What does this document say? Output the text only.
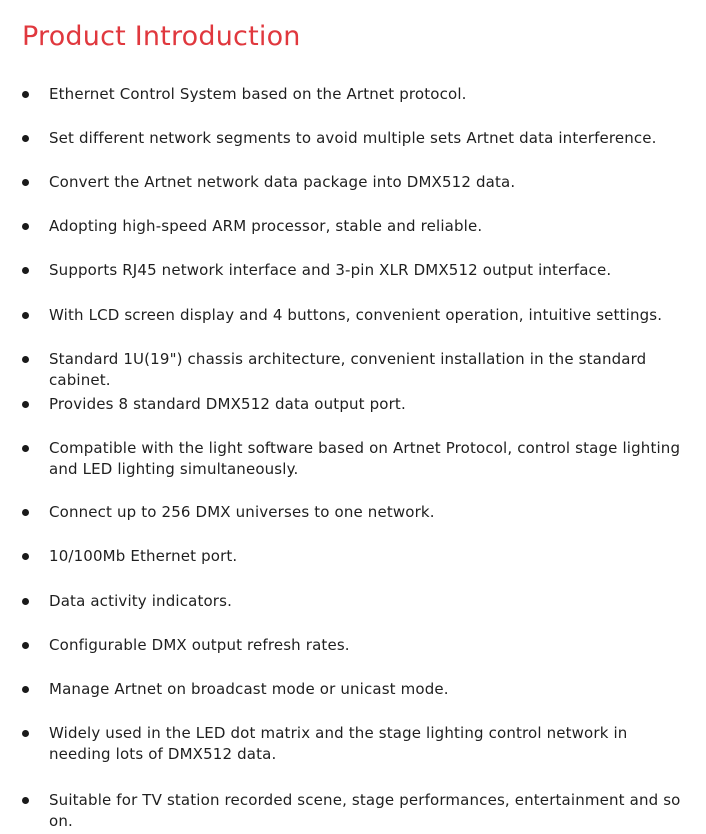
Product Introduction
Ethernet Control System based on the Artnet protocol.
Set different network segments to avoid multiple sets Artnet data interference.
Convert the Artnet network data package into DMX512 data.
Adopting high-speed ARM processor, stable and reliable.
Supports RJ45 network interface and 3-pin XLR DMX512 output interface.
With LCD screen display and 4 buttons, convenient operation, intuitive settings.
Standard 1U(19") chassis architecture, convenient installation in the standard cabinet.
Provides 8 standard DMX512 data output port.
Compatible with the light software based on Artnet Protocol, control stage lighting and LED lighting simultaneously.
Connect up to 256 DMX universes to one network.
10/100Mb Ethernet port.
Data activity indicators.
Configurable DMX output refresh rates.
Manage Artnet on broadcast mode or unicast mode.
Widely used in the LED dot matrix and the stage lighting control network in needing lots of DMX512 data.
Suitable for TV station recorded scene, stage performances, entertainment and so on.
